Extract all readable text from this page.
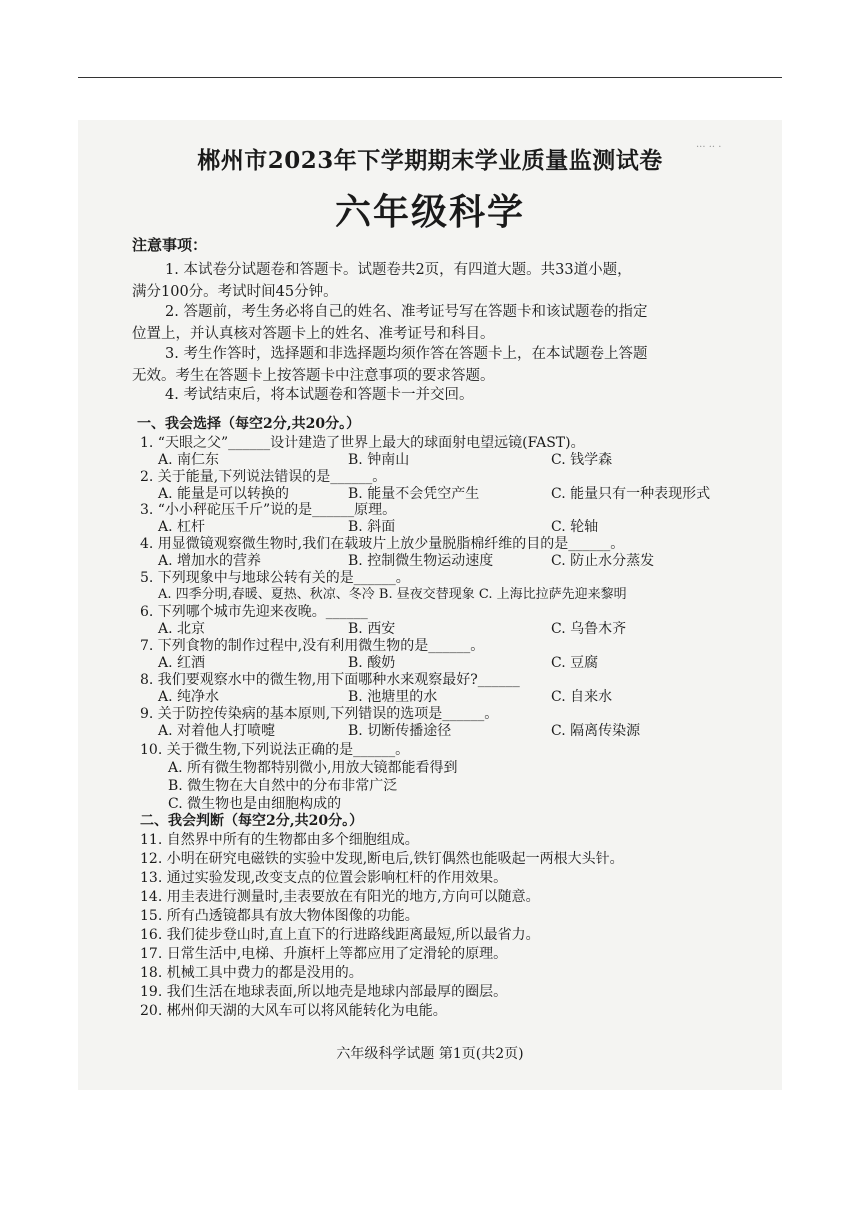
郴州市2023年下学期期末学业质量监测试卷	··· ·· ·
六年级科学
注意事项：
1. 本试卷分试题卷和答题卡。试题卷共2页，有四道大题。共33道小题，
满分100分。考试时间45分钟。
2. 答题前，考生务必将自己的姓名、准考证号写在答题卡和该试题卷的指定
位置上，并认真核对答题卡上的姓名、准考证号和科目。
3. 考生作答时，选择题和非选择题均须作答在答题卡上，在本试题卷上答题
无效。考生在答题卡上按答题卡中注意事项的要求答题。
4. 考试结束后，将本试题卷和答题卡一并交回。
一、我会选择（每空2分,共20分。）
1. “天眼之父”______设计建造了世界上最大的球面射电望远镜(FAST)。
A. 南仁东	B. 钟南山	C. 钱学森
2. 关于能量,下列说法错误的是______。
A. 能量是可以转换的	B. 能量不会凭空产生	C. 能量只有一种表现形式
3. “小小秤砣压千斤”说的是______原理。
A. 杠杆	B. 斜面	C. 轮轴
4. 用显微镜观察微生物时,我们在载玻片上放少量脱脂棉纤维的目的是______。
A. 增加水的营养	B. 控制微生物运动速度	C. 防止水分蒸发
5. 下列现象中与地球公转有关的是______。
A. 四季分明,春暖、夏热、秋凉、冬冷 B. 昼夜交替现象 C. 上海比拉萨先迎来黎明
6. 下列哪个城市先迎来夜晚。______
A. 北京	B. 西安	C. 乌鲁木齐
7. 下列食物的制作过程中,没有利用微生物的是______。
A. 红酒	B. 酸奶	C. 豆腐
8. 我们要观察水中的微生物,用下面哪种水来观察最好?______
A. 纯净水	B. 池塘里的水	C. 自来水
9. 关于防控传染病的基本原则,下列错误的选项是______。
A. 对着他人打喷嚏	B. 切断传播途径	C. 隔离传染源
10. 关于微生物,下列说法正确的是______。
A. 所有微生物都特别微小,用放大镜都能看得到
B. 微生物在大自然中的分布非常广泛
C. 微生物也是由细胞构成的
二、我会判断（每空2分,共20分。）
11. 自然界中所有的生物都由多个细胞组成。
12. 小明在研究电磁铁的实验中发现,断电后,铁钉偶然也能吸起一两根大头针。
13. 通过实验发现,改变支点的位置会影响杠杆的作用效果。
14. 用圭表进行测量时,圭表要放在有阳光的地方,方向可以随意。
15. 所有凸透镜都具有放大物体图像的功能。
16. 我们徒步登山时,直上直下的行进路线距离最短,所以最省力。
17. 日常生活中,电梯、升旗杆上等都应用了定滑轮的原理。
18. 机械工具中费力的都是没用的。
19. 我们生活在地球表面,所以地壳是地球内部最厚的圈层。
20. 郴州仰天湖的大风车可以将风能转化为电能。
六年级科学试题 第1页(共2页)
